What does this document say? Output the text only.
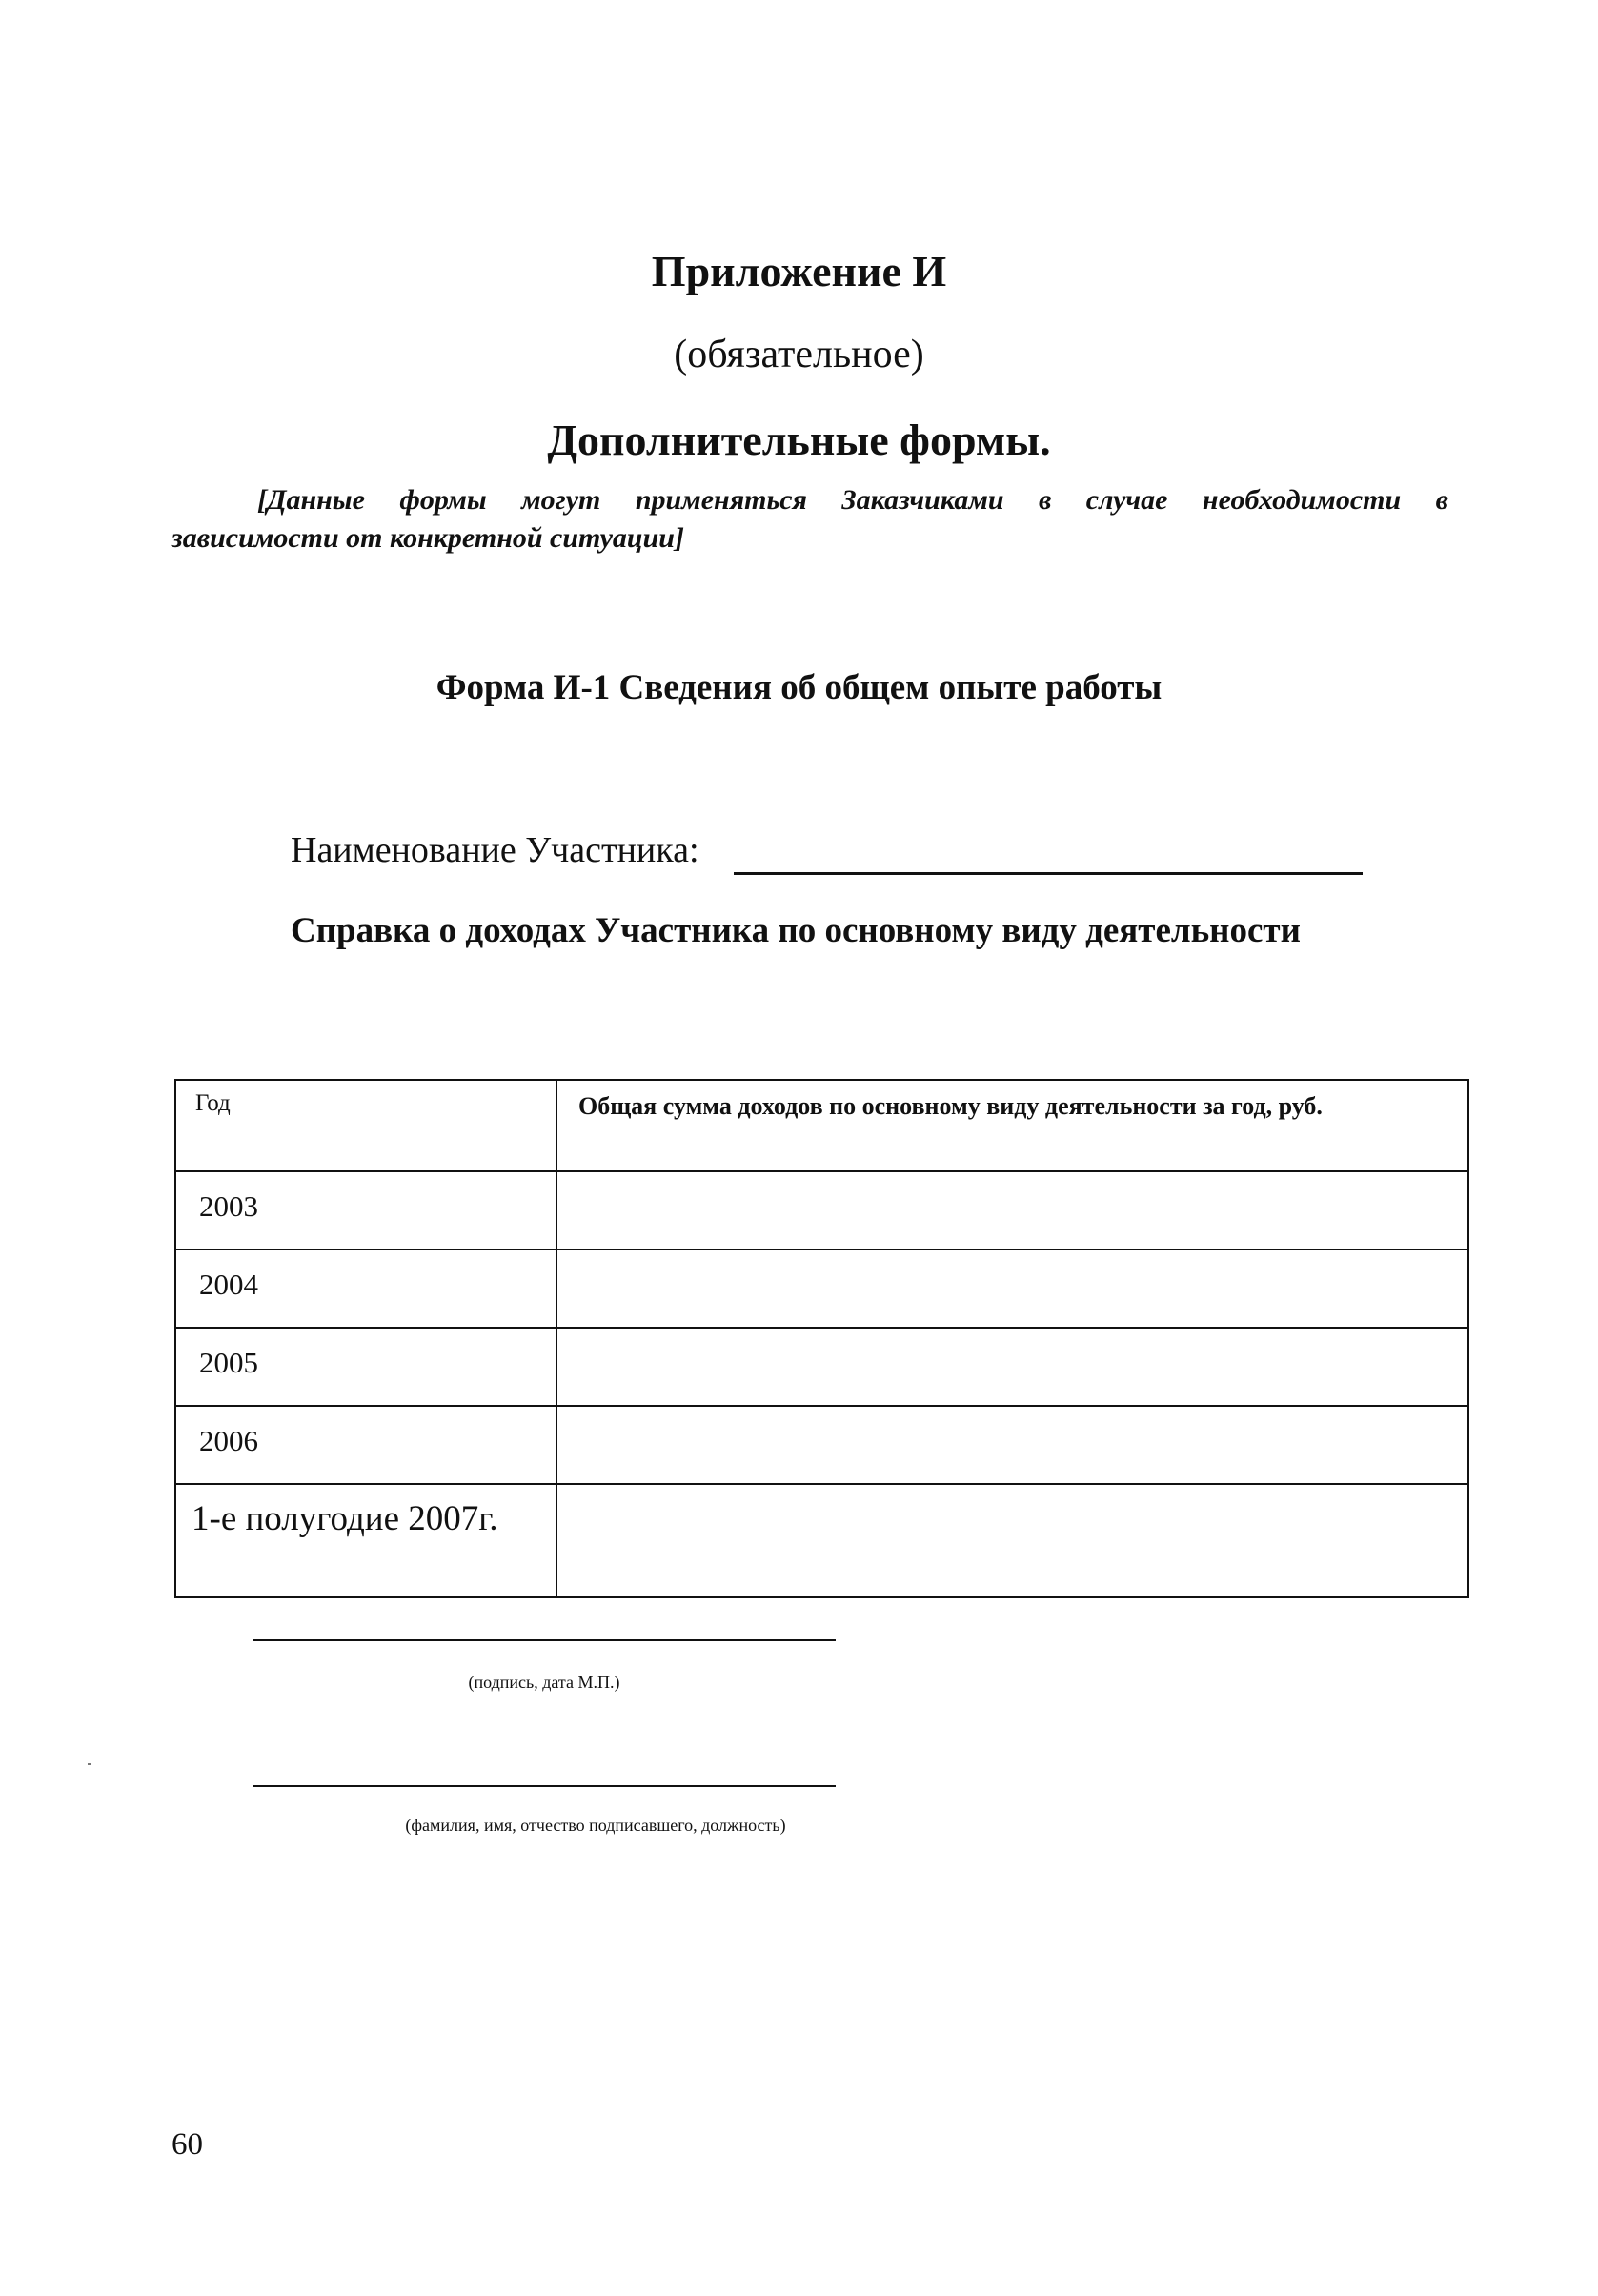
Приложение И
(обязательное)
Дополнительные формы.
[Данные формы могут применяться Заказчиками в случае необходимости в
зависимости от конкретной ситуации]
Форма И-1 Сведения об общем опыте работы
Наименование Участника:
Справка о доходах Участника по основному виду деятельности
Год	Общая сумма доходов по основному виду деятельности за год, руб.
2003	
2004	
2005	
2006	
1-е полугодие 2007г.	
(подпись, дата М.П.)
(фамилия, имя, отчество подписавшего, должность)
60
